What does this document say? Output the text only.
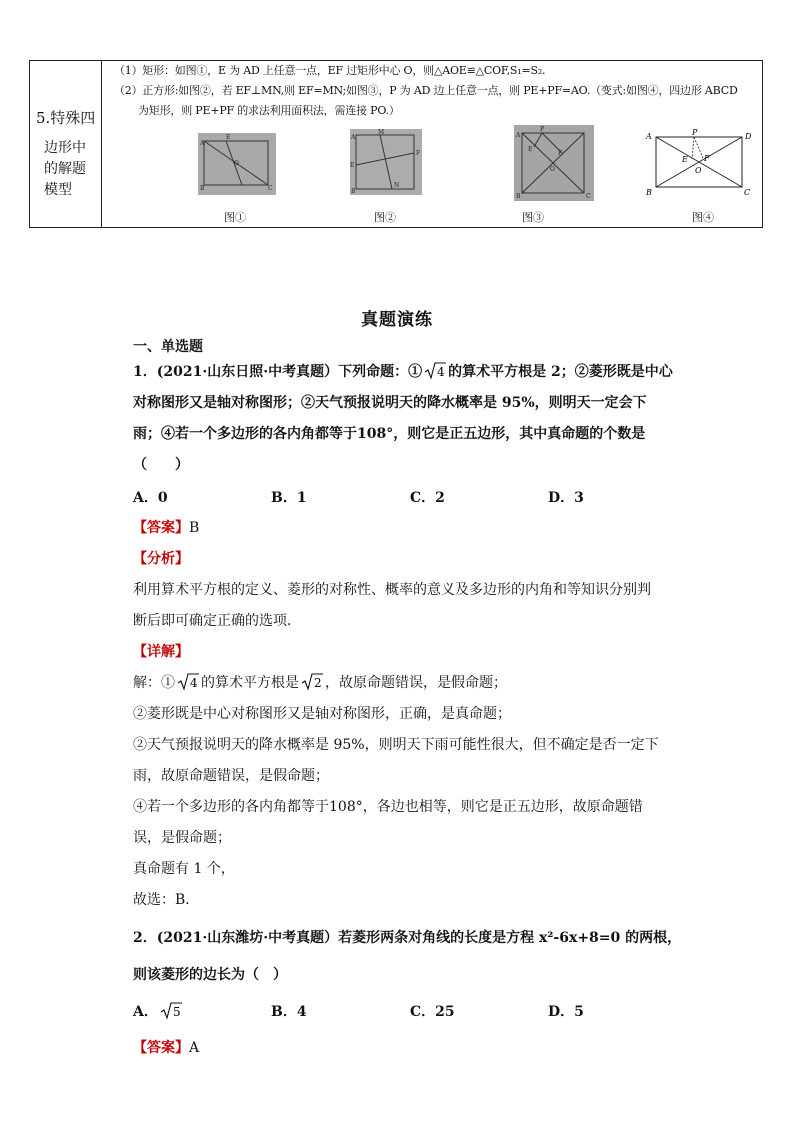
5.特殊四
边形中
的解题
模型
（1）矩形：如图①，E 为 AD 上任意一点，EF 过矩形中心 O，则△AOE≌△COF,S₁=S₂.
（2）正方形:如图②，若 EF⊥MN,则 EF=MN;如图③，P 为 AD 边上任意一点，则 PE+PF=AO.（变式:如图④，四边形 ABCD
为矩形，则 PE+PF 的求法利用面积法，需连接 PO.）
A
E
O
B	C
图①
A
M
E
F
N
B
图②
A
P
F
E
O
B	C
图③
A	P	D
E F
O
B	C
图④
真题演练
一、单选题
1．(2021·山东日照·中考真题）下列命题：① 4 的算术平方根是 2；②菱形既是中心
对称图形又是轴对称图形；②天气预报说明天的降水概率是 95%，则明天一定会下
雨；④若一个多边形的各内角都等于108°，则它是正五边形，其中真命题的个数是
（　　）
A．0	B．1	C．2	D．3
【答案】B
【分析】
利用算术平方根的定义、菱形的对称性、概率的意义及多边形的内角和等知识分别判
断后即可确定正确的选项．
【详解】
解：① 4 的算术平方根是 2 ，故原命题错误，是假命题；
②菱形既是中心对称图形又是轴对称图形，正确，是真命题；
②天气预报说明天的降水概率是 95%，则明天下雨可能性很大，但不确定是否一定下
雨，故原命题错误，是假命题；
④若一个多边形的各内角都等于108°，各边也相等，则它是正五边形，故原命题错
误，是假命题；
真命题有 1 个，
故选：B．
2．(2021·山东潍坊·中考真题）若菱形两条对角线的长度是方程 x²-6x+8=0 的两根，
则该菱形的边长为（　）
A． 5	B．4	C．25	D．5
【答案】A
